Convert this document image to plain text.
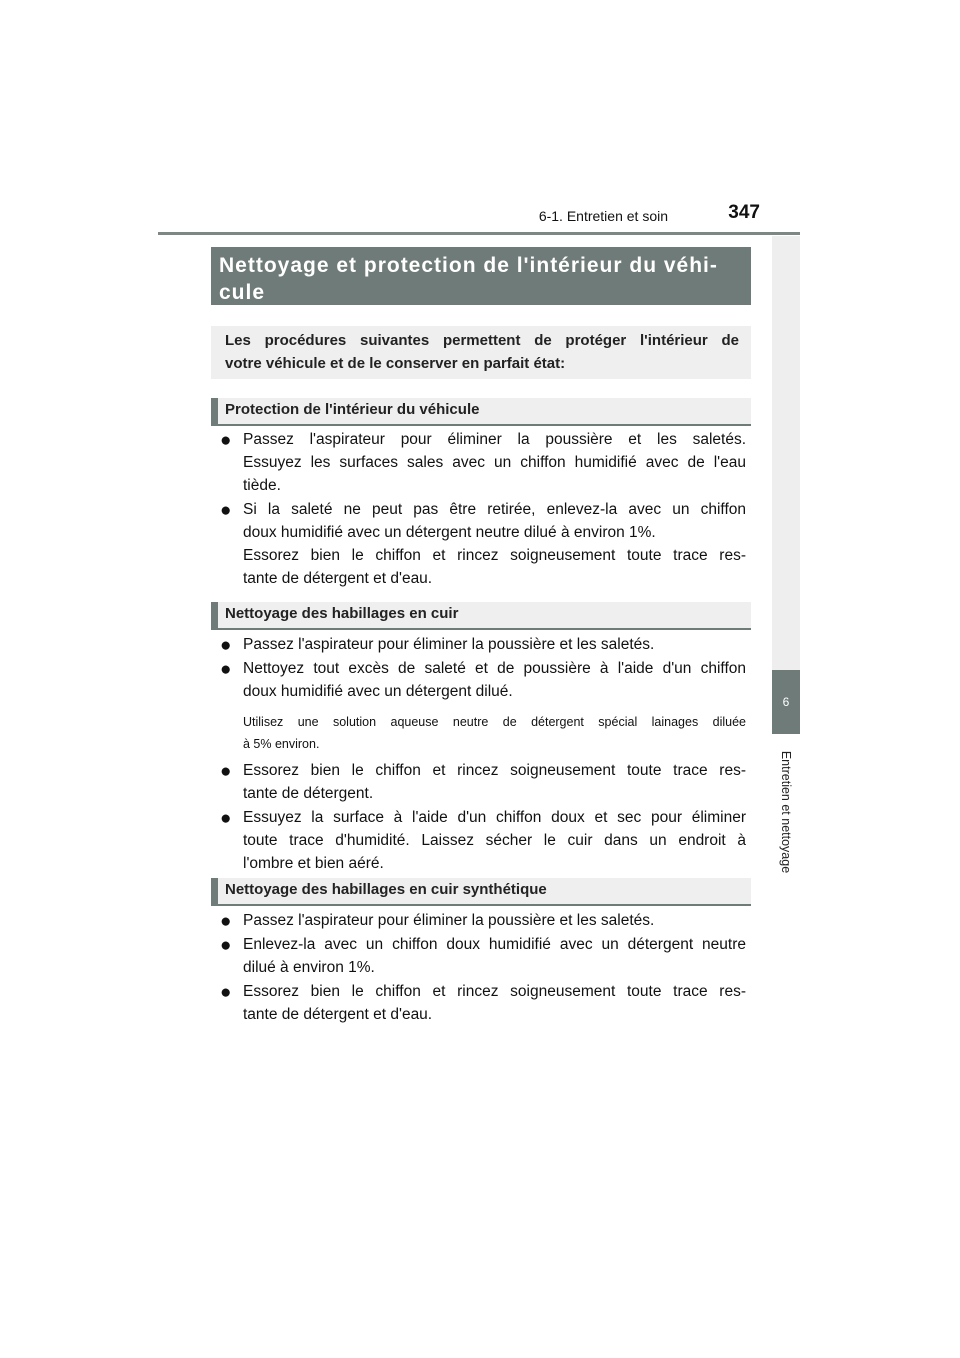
6-1. Entretien et soin	347
6
Entretien et nettoyage
Nettoyage et protection de l'intérieur du véhi-
cule
Les procédures suivantes permettent de protéger l'intérieur de
votre véhicule et de le conserver en parfait état:
Protection de l'intérieur du véhicule
● Passez l'aspirateur pour éliminer la poussière et les saletés.
Essuyez les surfaces sales avec un chiffon humidifié avec de l'eau
tiède.
● Si la saleté ne peut pas être retirée, enlevez-la avec un chiffon
doux humidifié avec un détergent neutre dilué à environ 1%.
Essorez bien le chiffon et rincez soigneusement toute trace res-
tante de détergent et d'eau.
Nettoyage des habillages en cuir
● Passez l'aspirateur pour éliminer la poussière et les saletés.
● Nettoyez tout excès de saleté et de poussière à l'aide d'un chiffon
doux humidifié avec un détergent dilué.
Utilisez une solution aqueuse neutre de détergent spécial lainages diluée
à 5% environ.
● Essorez bien le chiffon et rincez soigneusement toute trace res-
tante de détergent.
● Essuyez la surface à l'aide d'un chiffon doux et sec pour éliminer
toute trace d'humidité. Laissez sécher le cuir dans un endroit à
l'ombre et bien aéré.
Nettoyage des habillages en cuir synthétique
● Passez l'aspirateur pour éliminer la poussière et les saletés.
● Enlevez-la avec un chiffon doux humidifié avec un détergent neutre
dilué à environ 1%.
● Essorez bien le chiffon et rincez soigneusement toute trace res-
tante de détergent et d'eau.
